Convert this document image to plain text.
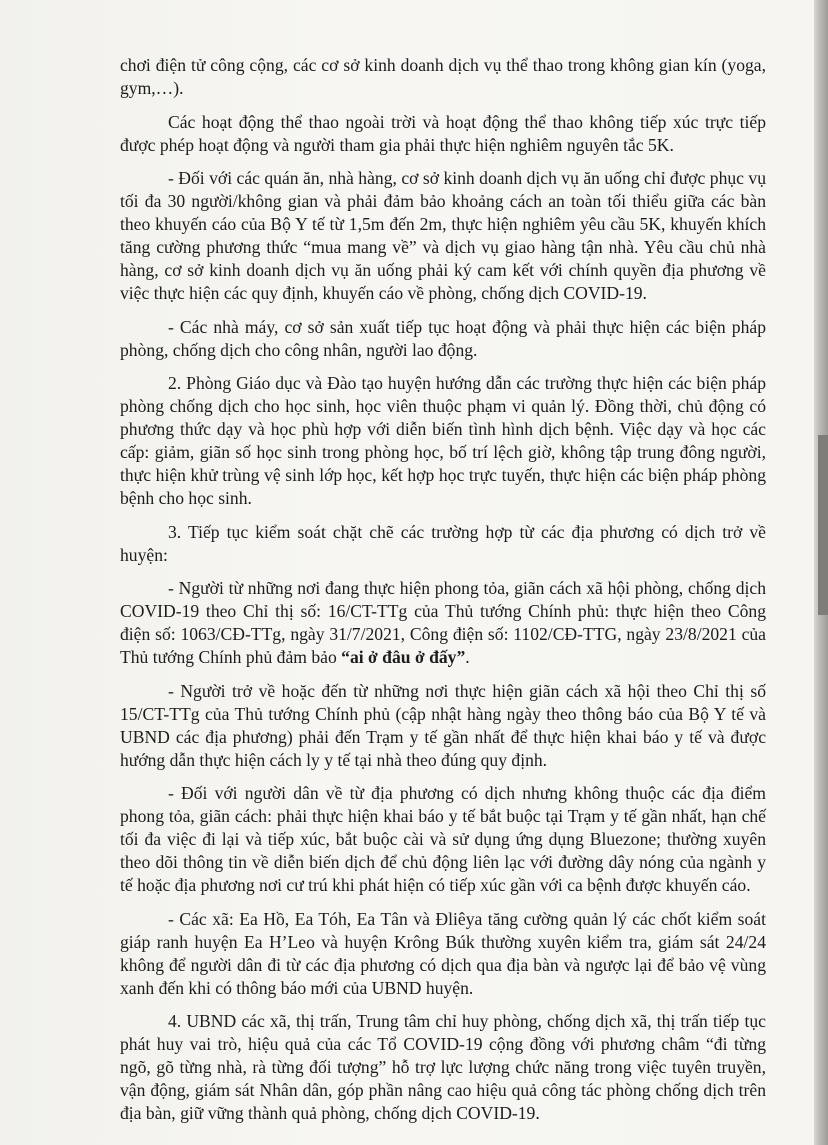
chơi điện tử công cộng, các cơ sở kinh doanh dịch vụ thể thao trong không gian kín (yoga, gym,…).

Các hoạt động thể thao ngoài trời và hoạt động thể thao không tiếp xúc trực tiếp được phép hoạt động và người tham gia phải thực hiện nghiêm nguyên tắc 5K.

- Đối với các quán ăn, nhà hàng, cơ sở kinh doanh dịch vụ ăn uống chỉ được phục vụ tối đa 30 người/không gian và phải đảm bảo khoảng cách an toàn tối thiểu giữa các bàn theo khuyến cáo của Bộ Y tế từ 1,5m đến 2m, thực hiện nghiêm yêu cầu 5K, khuyến khích tăng cường phương thức “mua mang về” và dịch vụ giao hàng tận nhà. Yêu cầu chủ nhà hàng, cơ sở kinh doanh dịch vụ ăn uống phải ký cam kết với chính quyền địa phương về việc thực hiện các quy định, khuyến cáo về phòng, chống dịch COVID-19.

- Các nhà máy, cơ sở sản xuất tiếp tục hoạt động và phải thực hiện các biện pháp phòng, chống dịch cho công nhân, người lao động.

2. Phòng Giáo dục và Đào tạo huyện hướng dẫn các trường thực hiện các biện pháp phòng chống dịch cho học sinh, học viên thuộc phạm vi quản lý. Đồng thời, chủ động có phương thức dạy và học phù hợp với diễn biến tình hình dịch bệnh. Việc dạy và học các cấp: giảm, giãn số học sinh trong phòng học, bố trí lệch giờ, không tập trung đông người, thực hiện khử trùng vệ sinh lớp học, kết hợp học trực tuyến, thực hiện các biện pháp phòng bệnh cho học sinh.

3. Tiếp tục kiểm soát chặt chẽ các trường hợp từ các địa phương có dịch trở về huyện:

- Người từ những nơi đang thực hiện phong tỏa, giãn cách xã hội phòng, chống dịch COVID-19 theo Chỉ thị số: 16/CT-TTg của Thủ tướng Chính phủ: thực hiện theo Công điện số: 1063/CĐ-TTg, ngày 31/7/2021, Công điện số: 1102/CĐ-TTG, ngày 23/8/2021 của Thủ tướng Chính phủ đảm bảo “ai ở đâu ở đấy”.

- Người trở về hoặc đến từ những nơi thực hiện giãn cách xã hội theo Chỉ thị số 15/CT-TTg của Thủ tướng Chính phủ (cập nhật hàng ngày theo thông báo của Bộ Y tế và UBND các địa phương) phải đến Trạm y tế gần nhất để thực hiện khai báo y tế và được hướng dẫn thực hiện cách ly y tế tại nhà theo đúng quy định.

- Đối với người dân về từ địa phương có dịch nhưng không thuộc các địa điểm phong tỏa, giãn cách: phải thực hiện khai báo y tế bắt buộc tại Trạm y tế gần nhất, hạn chế tối đa việc đi lại và tiếp xúc, bắt buộc cài và sử dụng ứng dụng Bluezone; thường xuyên theo dõi thông tin về diễn biến dịch để chủ động liên lạc với đường dây nóng của ngành y tế hoặc địa phương nơi cư trú khi phát hiện có tiếp xúc gần với ca bệnh được khuyến cáo.

- Các xã: Ea Hồ, Ea Tóh, Ea Tân và Đliêya tăng cường quản lý các chốt kiểm soát giáp ranh huyện Ea H’Leo và huyện Krông Búk thường xuyên kiểm tra, giám sát 24/24 không để người dân đi từ các địa phương có dịch qua địa bàn và ngược lại để bảo vệ vùng xanh đến khi có thông báo mới của UBND huyện.

4. UBND các xã, thị trấn, Trung tâm chỉ huy phòng, chống dịch xã, thị trấn tiếp tục phát huy vai trò, hiệu quả của các Tổ COVID-19 cộng đồng với phương châm “đi từng ngõ, gõ từng nhà, rà từng đối tượng” hỗ trợ lực lượng chức năng trong việc tuyên truyền, vận động, giám sát Nhân dân, góp phần nâng cao hiệu quả công tác phòng chống dịch trên địa bàn, giữ vững thành quả phòng, chống dịch COVID-19.
